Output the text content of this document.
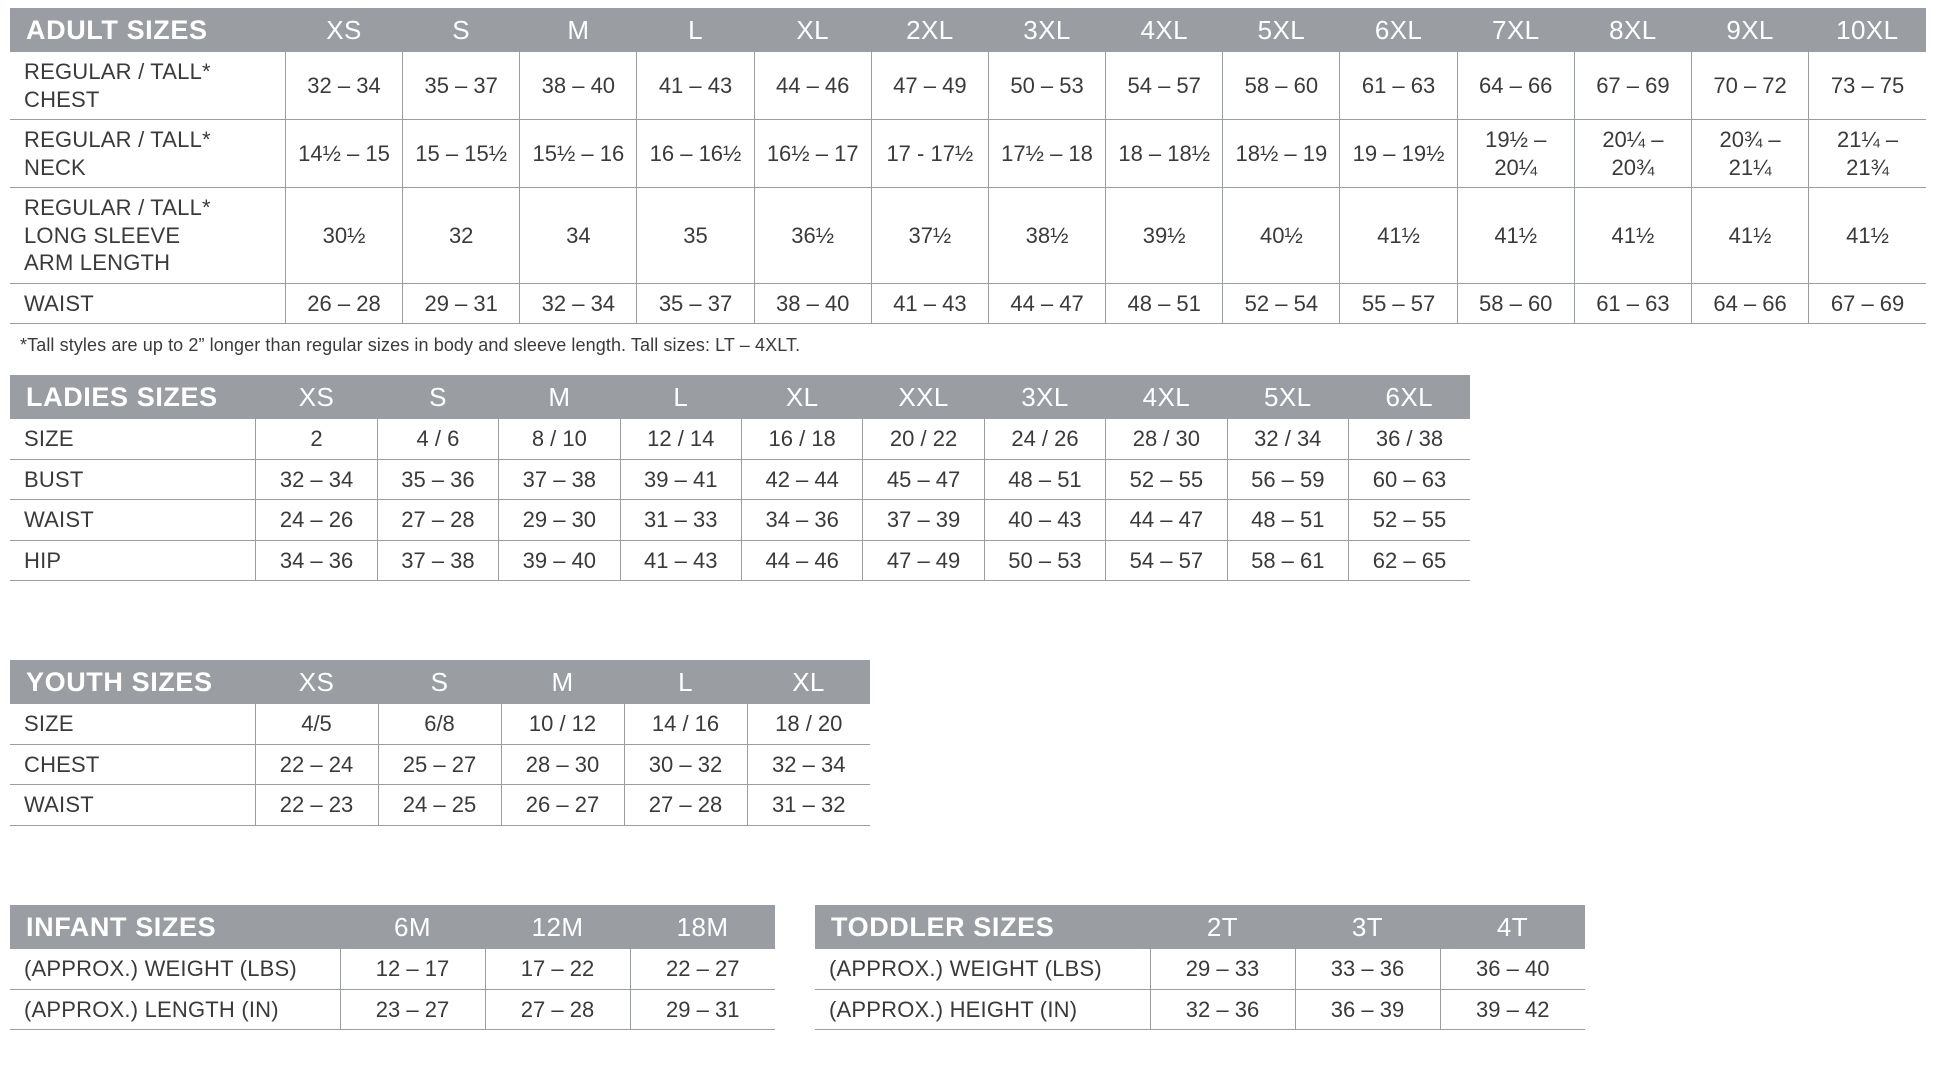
ADULT SIZES	XS	S	M	L	XL	2XL	3XL	4XL	5XL	6XL	7XL	8XL	9XL	10XL

REGULAR / TALL*
CHEST	32 – 34	35 – 37	38 – 40	41 – 43	44 – 46	47 – 49	50 – 53	54 – 57	58 – 60	61 – 63	64 – 66	67 – 69	70 – 72	73 – 75

REGULAR / TALL*
NECK	14½ – 15	15 – 15½	15½ – 16	16 – 16½	16½ – 17	17 - 17½	17½ – 18	18 – 18½	18½ – 19	19 – 19½	19½ – 20¼	20¼ – 20¾	20¾ – 21¼	21¼ – 21¾

REGULAR / TALL*
LONG SLEEVE
ARM LENGTH	30½	32	34	35	36½	37½	38½	39½	40½	41½	41½	41½	41½	41½

WAIST	26 – 28	29 – 31	32 – 34	35 – 37	38 – 40	41 – 43	44 – 47	48 – 51	52 – 54	55 – 57	58 – 60	61 – 63	64 – 66	67 – 69
*Tall styles are up to 2” longer than regular sizes in body and sleeve length. Tall sizes: LT – 4XLT.
LADIES SIZES	XS	S	M	L	XL	XXL	3XL	4XL	5XL	6XL
SIZE	2	4 / 6	8 / 10	12 / 14	16 / 18	20 / 22	24 / 26	28 / 30	32 / 34	36 / 38
BUST	32 – 34	35 – 36	37 – 38	39 – 41	42 – 44	45 – 47	48 – 51	52 – 55	56 – 59	60 – 63
WAIST	24 – 26	27 – 28	29 – 30	31 – 33	34 – 36	37 – 39	40 – 43	44 – 47	48 – 51	52 – 55
HIP	34 – 36	37 – 38	39 – 40	41 – 43	44 – 46	47 – 49	50 – 53	54 – 57	58 – 61	62 – 65
YOUTH SIZES	XS	S	M	L	XL
SIZE	4/5	6/8	10 / 12	14 / 16	18 / 20
CHEST	22 – 24	25 – 27	28 – 30	30 – 32	32 – 34
WAIST	22 – 23	24 – 25	26 – 27	27 – 28	31 – 32
INFANT SIZES	6M	12M	18M
(APPROX.) WEIGHT (LBS)	12 – 17	17 – 22	22 – 27
(APPROX.) LENGTH (IN)	23 – 27	27 – 28	29 – 31
TODDLER SIZES	2T	3T	4T
(APPROX.) WEIGHT (LBS)	29 – 33	33 – 36	36 – 40
(APPROX.) HEIGHT (IN)	32 – 36	36 – 39	39 – 42
